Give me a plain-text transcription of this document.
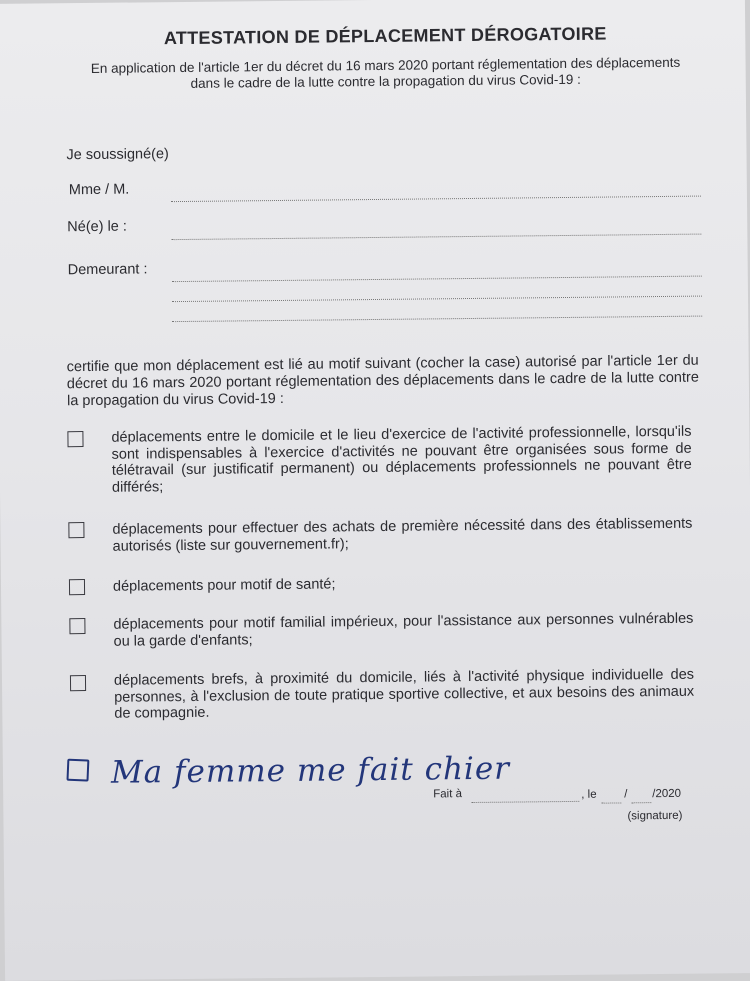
ATTESTATION DE DÉPLACEMENT DÉROGATOIRE
En application de l'article 1er du décret du 16 mars 2020 portant réglementation des déplacements dans le cadre de la lutte contre la propagation du virus Covid-19 :
Je soussigné(e)
Mme / M.
Né(e) le :
Demeurant :
certifie que mon déplacement est lié au motif suivant (cocher la case) autorisé par l'article 1er du décret du 16 mars 2020 portant réglementation des déplacements dans le cadre de la lutte contre la propagation du virus Covid-19 :
déplacements entre le domicile et le lieu d'exercice de l'activité professionnelle, lorsqu'ils sont indispensables à l'exercice d'activités ne pouvant être organisées sous forme de télétravail (sur justificatif permanent) ou déplacements professionnels ne pouvant être différés;
déplacements pour effectuer des achats de première nécessité dans des établissements autorisés (liste sur gouvernement.fr);
déplacements pour motif de santé;
déplacements pour motif familial impérieux, pour l'assistance aux personnes vulnérables ou la garde d'enfants;
déplacements brefs, à proximité du domicile, liés à l'activité physique individuelle des personnes, à l'exclusion de toute pratique sportive collective, et aux besoins des animaux de compagnie.
Ma femme me fait chier
Fait à	, le / /2020
(signature)
